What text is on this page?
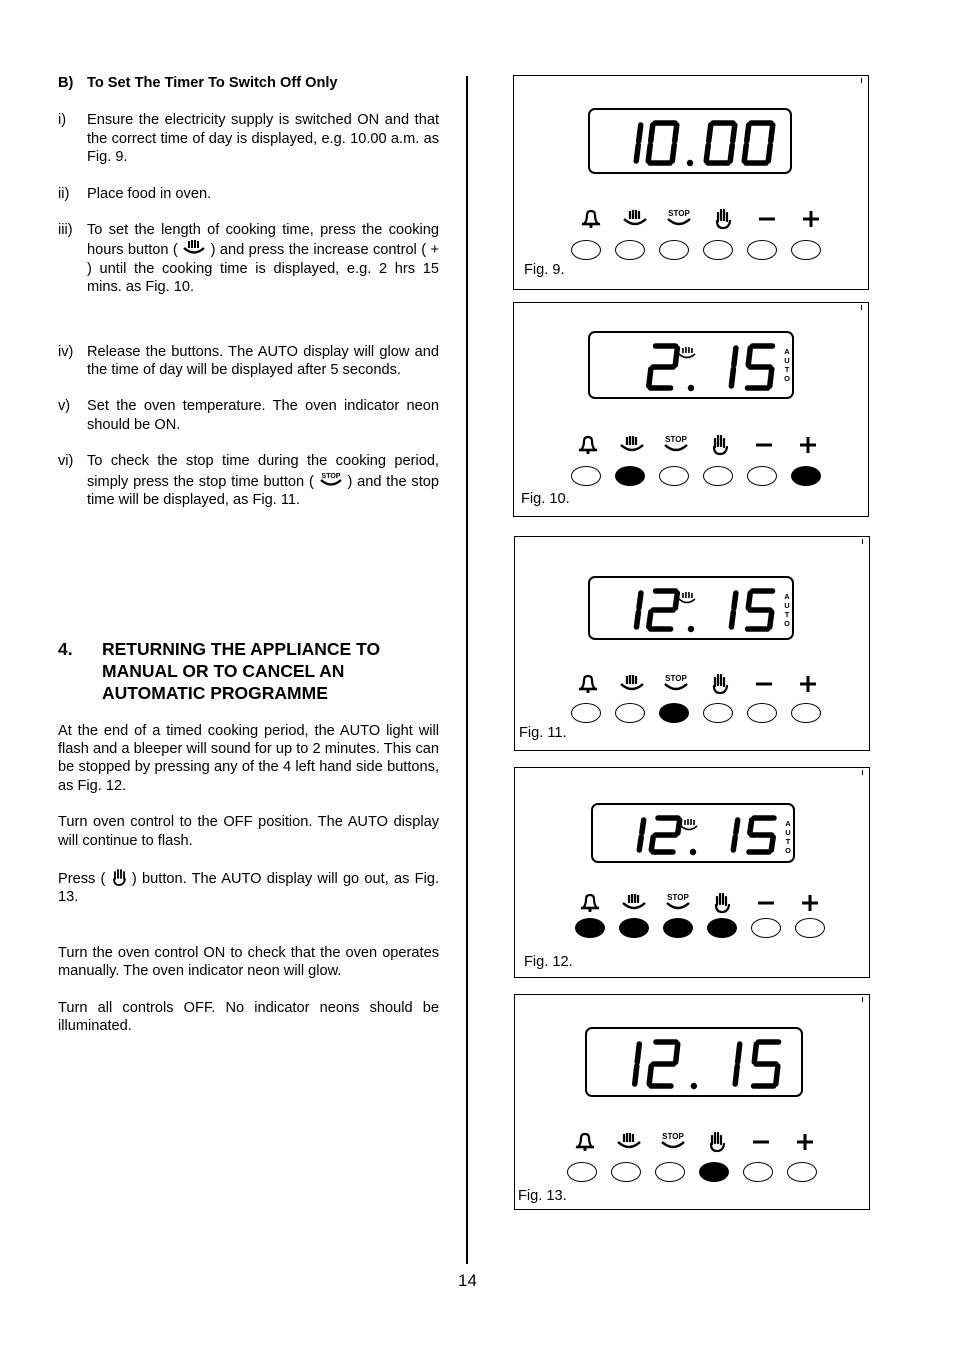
B) To Set The Timer To Switch Off Only
i)	Ensure the electricity supply is switched ON and that the correct time of day is displayed, e.g. 10.00 a.m. as Fig. 9.
ii)	Place food in oven.
iii) To set the length of cooking time, press the cooking hours button ( ) and press the increase control ( + ) until the cooking time is displayed, e.g. 2 hrs 15 mins. as Fig. 10.
iv) Release the buttons. The AUTO display will glow and the time of day will be displayed after 5 seconds.
v)	Set the oven temperature. The oven indicator neon should be ON.
vi) To check the stop time during the cooking period, simply press the stop time button ( STOP ) and the stop time will be displayed, as Fig. 11.
4.	RETURNING THE APPLIANCE TO MANUAL OR TO CANCEL AN AUTOMATIC PROGRAMME
At the end of a timed cooking period, the AUTO light will flash and a bleeper will sound for up to 2 minutes. This can be stopped by pressing any of the 4 left hand side buttons, as Fig. 12.
Turn oven control to the OFF position. The AUTO display will continue to flash.
Press ( ) button. The AUTO display will go out, as Fig. 13.
Turn the oven control ON to check that the oven operates manually. The oven indicator neon will glow.
Turn all controls OFF. No indicator neons should be illuminated.
14
Fig. 9.
STOP
Fig. 10.
A U T O
STOP
Fig. 11.
A U T O
STOP
Fig. 12.
A U T O
STOP
Fig. 13.
STOP
